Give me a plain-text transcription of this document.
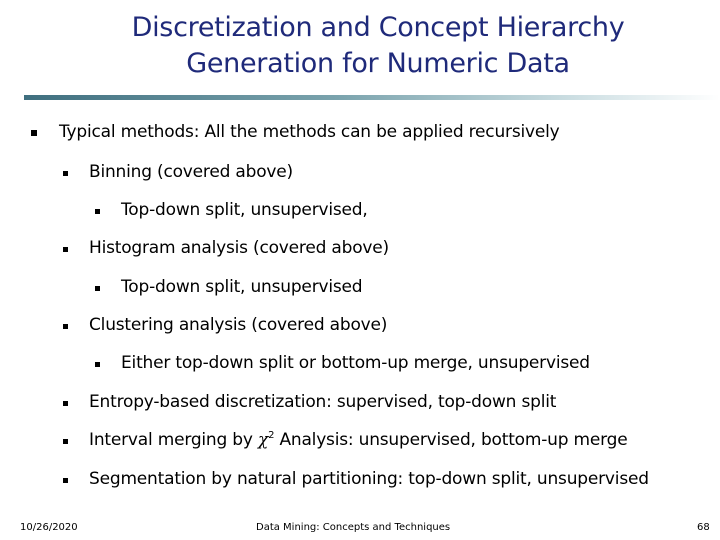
Discretization and Concept Hierarchy
Generation for Numeric Data
Typical methods: All the methods can be applied recursively
Binning (covered above)
Top-down split, unsupervised,
Histogram analysis (covered above)
Top-down split, unsupervised
Clustering analysis (covered above)
Either top-down split or bottom-up merge, unsupervised
Entropy-based discretization: supervised, top-down split
Interval merging by $\chi^2$ Analysis: unsupervised, bottom-up merge
Segmentation by natural partitioning: top-down split, unsupervised
10/26/2020	Data Mining: Concepts and Techniques	68
